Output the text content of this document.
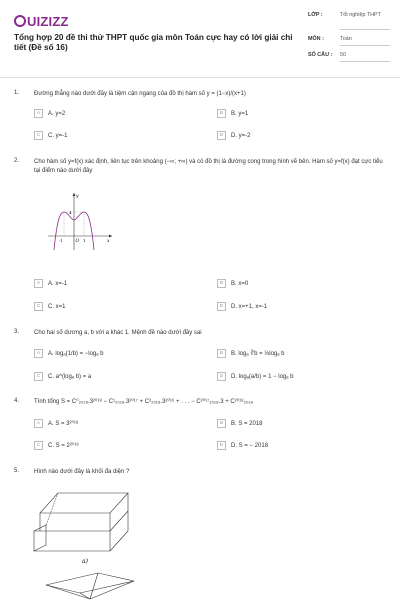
UIZIZZ
Tổng hợp 20 đề thi thử THPT quốc gia môn Toán cực hay có lời giải chi tiết (Đề số 16)
LỚP :	Tốt nghiệp THPT
MÔN :	Toán
SỐ CÂU :	50
1. Đường thẳng nào dưới đây là tiệm cận ngang của đồ thị hàm số y = (1−x)/(x+1)
A	A. y=2	B	B. y=1
C	C. y=-1	D	D. y=-2
2. Cho hàm số y=f(x) xác định, liên tục trên khoảng (−∞; +∞) và có đồ thị là đường cong trong hình vẽ bên. Hàm số y=f(x) đạt cực tiểu tại điểm nào dưới đây
y
x
4
O
-1	1
A	A. x=-1	B	B. x=0
C	C. x=1	D	D. x=+1, x=-1
3. Cho hai số dương a, b với a khác 1. Mệnh đề nào dưới đây sai
A	A. logₐ(1/b) = −logₐ b	B	B. logₐ ∛b = ⅓logₐ b
C	C. a^(logₐ b) = a	D	D. logₐ(a/b) = 1 − logₐ b
4. Tính tổng S = C⁰₂₀₁₈.3²⁰¹⁸ − C¹₂₀₁₈.3²⁰¹⁷ + C²₂₀₁₈.3²⁰¹⁶ + . . . − C²⁰¹⁷₂₀₁₈.3 + C²⁰¹⁸₂₀₁₈
A	A. S = 3²⁰¹⁸	B	B. S = 2018
C	C. S = 2²⁰¹⁸	D	D. S = − 2018
5. Hình nào dưới đây là khối đa diện ?
a)
